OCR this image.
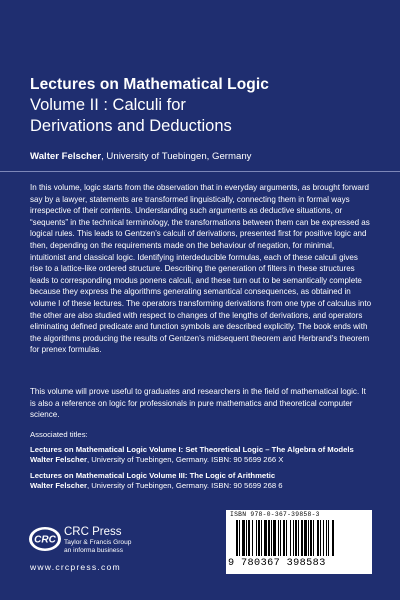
Lectures on Mathematical Logic
Volume II : Calculi for
Derivations and Deductions
Walter Felscher, University of Tuebingen, Germany
In this volume, logic starts from the observation that in everyday arguments, as brought forward say by a lawyer, statements are transformed linguistically, connecting them in formal ways irrespective of their contents. Understanding such arguments as deductive situations, or “sequents” in the technical terminology, the transformations between them can be expressed as logical rules. This leads to Gentzen’s calculi of derivations, presented first for positive logic and then, depending on the requirements made on the behaviour of negation, for minimal, intuitionist and classical logic. Identifying interdeducible formulas, each of these calculi gives rise to a lattice-like ordered structure. Describing the generation of filters in these structures leads to corresponding modus ponens calculi, and these turn out to be semantically complete because they express the algorithms generating semantical consequences, as obtained in volume I of these lectures. The operators transforming derivations from one type of calculus into the other are also studied with respect to changes of the lengths of derivations, and operators eliminating defined predicate and function symbols are described explicitly. The book ends with the algorithms producing the results of Gentzen’s midsequent theorem and Herbrand’s theorem for prenex formulas.
This volume will prove useful to graduates and researchers in the field of mathematical logic. It is also a reference on logic for professionals in pure mathematics and theoretical computer science.
Associated titles:
Lectures on Mathematical Logic Volume I: Set Theoretical Logic – The Algebra of Models
Walter Felscher, University of Tuebingen, Germany. ISBN: 90 5699 266 X
Lectures on Mathematical Logic Volume III: The Logic of Arithmetic
Walter Felscher, University of Tuebingen, Germany. ISBN: 90 5699 268 6
CRC
CRC Press
Taylor & Francis Group
an informa business
www.crcpress.com
ISBN 978-0-367-39858-3
9 780367 398583
